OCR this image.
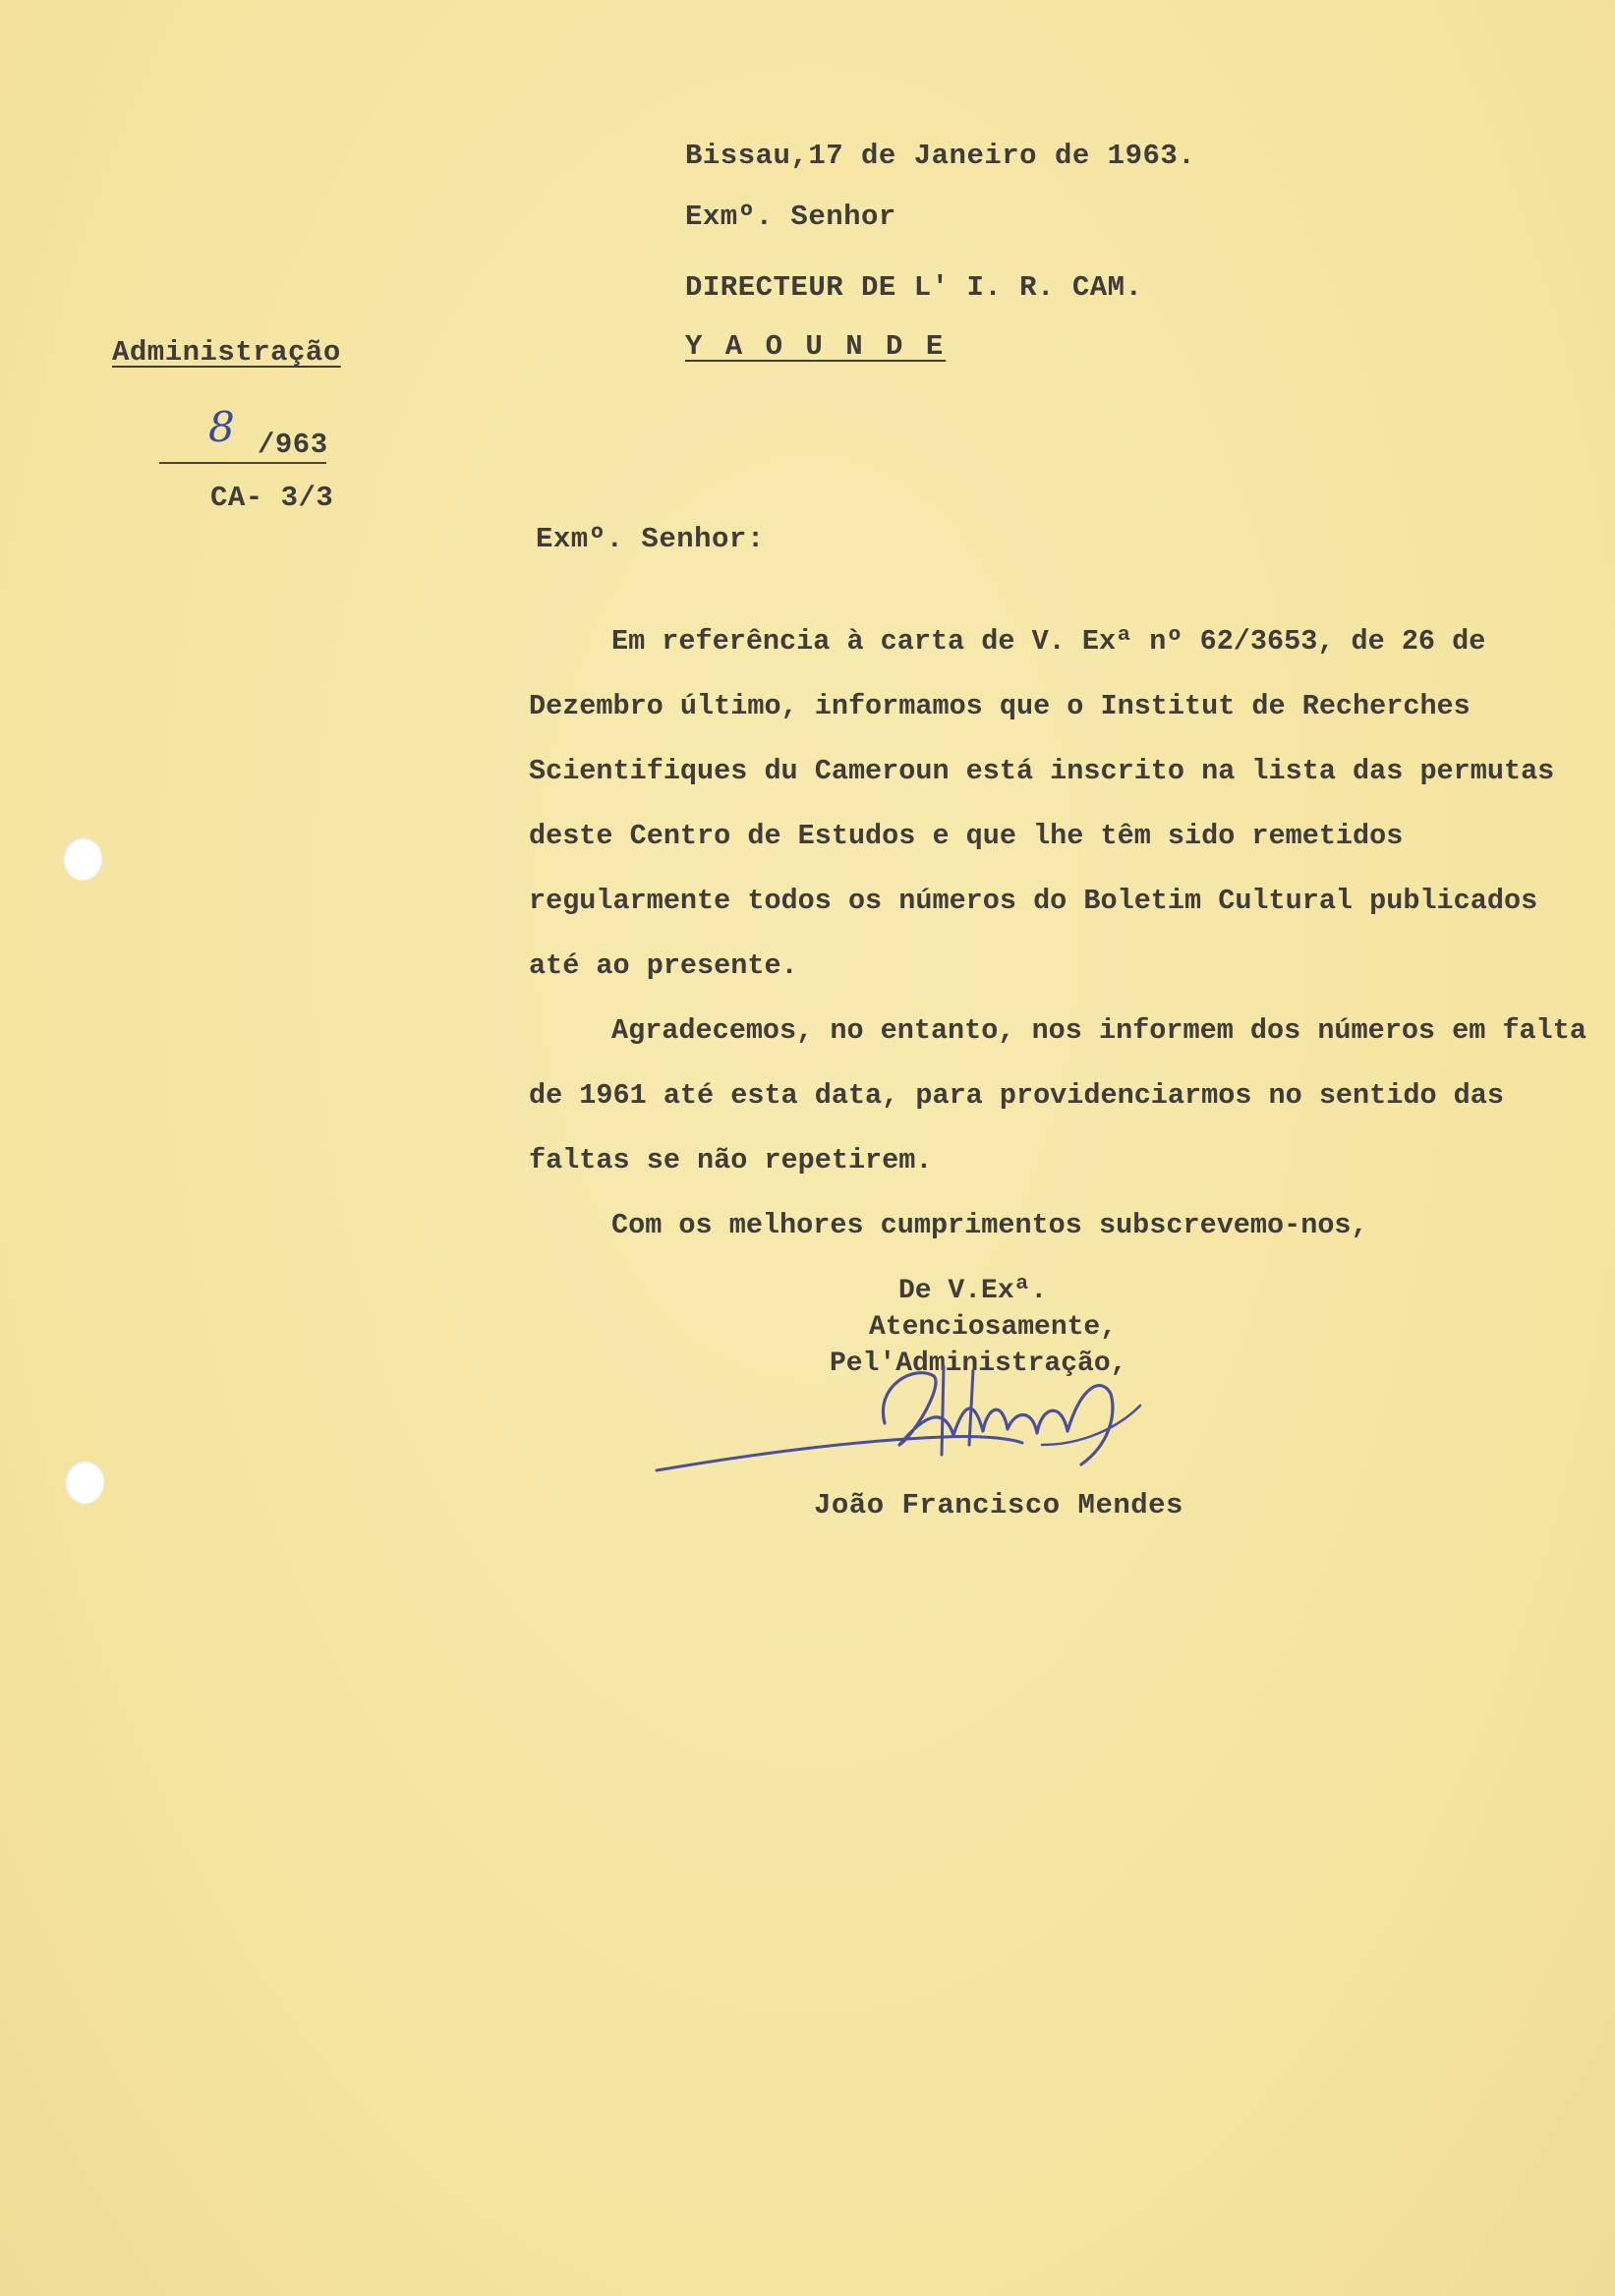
Bissau,17 de Janeiro de 1963.
Exmº. Senhor
DIRECTEUR DE L' I. R. CAM.
Y A O U N D E
Administração
8 /963
CA- 3/3
Exmº. Senhor:

Em referência à carta de V. Exª nº 62/3653, de 26 de Dezembro último, informamos que o Institut de Recherches Scientifiques du Cameroun está inscrito na lista das permutas deste Centro de Estudos e que lhe têm sido remetidos regularmente todos os números do Boletim Cultural publicados até ao presente.

Agradecemos, no entanto, nos informem dos números em falta de 1961 até esta data, para providenciarmos no sentido das faltas se não repetirem.

Com os melhores cumprimentos subscrevemo-nos,

De V.Exª.
Atenciosamente,
Pel'Administração,
João Francisco Mendes
